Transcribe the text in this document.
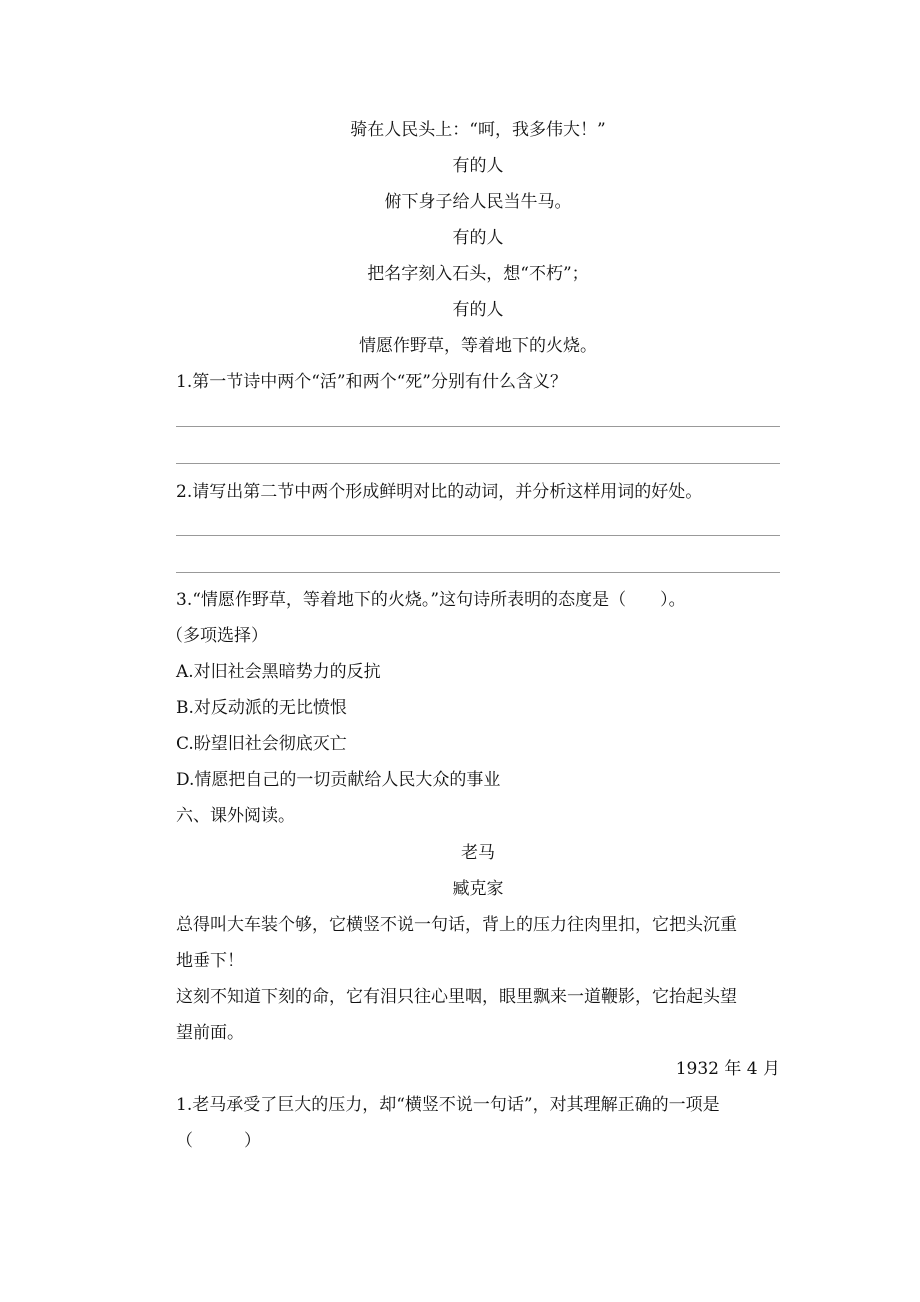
骑在人民头上：“呵，我多伟大！”
有的人
俯下身子给人民当牛马。
有的人
把名字刻入石头，想“不朽”；
有的人
情愿作野草，等着地下的火烧。
1.第一节诗中两个“活”和两个“死”分别有什么含义？
2.请写出第二节中两个形成鲜明对比的动词，并分析这样用词的好处。
3.“情愿作野草，等着地下的火烧。”这句诗所表明的态度是（　　）。
（多项选择）
A.对旧社会黑暗势力的反抗
B.对反动派的无比愤恨
C.盼望旧社会彻底灭亡
D.情愿把自己的一切贡献给人民大众的事业
六、课外阅读。
老马
臧克家
总得叫大车装个够，它横竖不说一句话，背上的压力往肉里扣，它把头沉重
地垂下！
这刻不知道下刻的命，它有泪只往心里咽，眼里飘来一道鞭影，它抬起头望
望前面。
1932 年 4 月
1.老马承受了巨大的压力，却“横竖不说一句话”，对其理解正确的一项是
（　　　）
